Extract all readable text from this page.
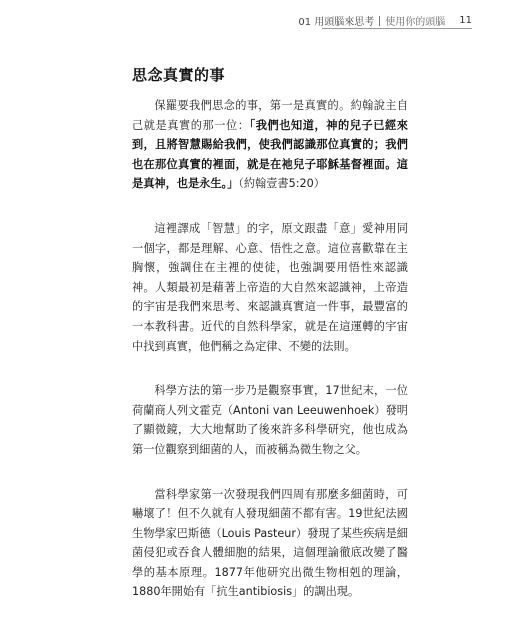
01 用頭腦來思考 使用你的頭腦 11
思念真實的事

保羅要我們思念的事，第一是真實的。約翰說主自己就是真實的那一位：「我們也知道，神的兒子已經來到，且將智慧賜給我們，使我們認識那位真實的；我們也在那位真實的裡面，就是在祂兒子耶穌基督裡面。這是真神，也是永生。」（約翰壹書5:20）

這裡譯成「智慧」的字，原文跟盡「意」愛神用同一個字，都是理解、心意、悟性之意。這位喜歡靠在主胸懷，強調住在主裡的使徒，也強調要用悟性來認識神。人類最初是藉著上帝造的大自然來認識神，上帝造的宇宙是我們來思考、來認識真實這一件事，最豐富的一本教科書。近代的自然科學家，就是在這運轉的宇宙中找到真實，他們稱之為定律、不變的法則。

科學方法的第一步乃是觀察事實，17世紀末，一位荷蘭商人列文霍克（Antoni van Leeuwenhoek）發明了顯微鏡，大大地幫助了後來許多科學研究，他也成為第一位觀察到細菌的人，而被稱為微生物之父。

當科學家第一次發現我們四周有那麼多細菌時，可嚇壞了！但不久就有人發現細菌不都有害。19世紀法國生物學家巴斯德（Louis Pasteur）發現了某些疾病是細菌侵犯或吞食人體細胞的結果，這個理論徹底改變了醫學的基本原理。1877年他研究出微生物相剋的理論，1880年開始有「抗生antibiosis」的調出現。
